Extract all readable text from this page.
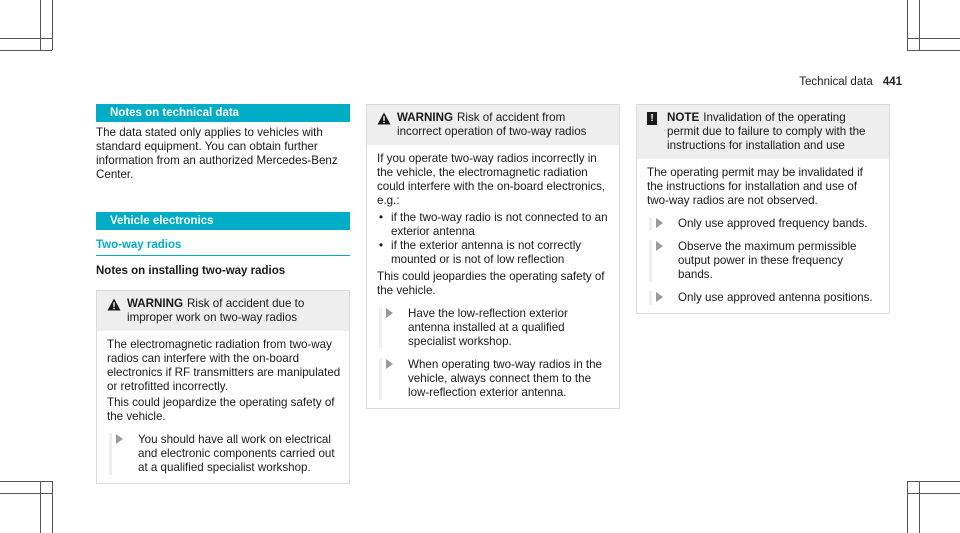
Technical data 441
Notes on technical data

The data stated only applies to vehicles with standard equipment. You can obtain further information from an authorized Mercedes-Benz Center.

Vehicle electronics
Two-way radios
Notes on installing two-way radios
WARNING Risk of accident due to improper work on two-way radios

The electromagnetic radiation from two-way radios can interfere with the on-board electronics if RF transmitters are manipulated or retrofitted incorrectly.

This could jeopardize the operating safety of the vehicle.

You should have all work on electrical and electronic components carried out at a qualified specialist workshop.
WARNING Risk of accident from incorrect operation of two-way radios

If you operate two-way radios incorrectly in the vehicle, the electromagnetic radiation could interfere with the on-board electronics, e.g.:

• if the two-way radio is not connected to an exterior antenna
• if the exterior antenna is not correctly mounted or is not of low reflection

This could jeopardies the operating safety of the vehicle.

Have the low-reflection exterior antenna installed at a qualified specialist workshop.
When operating two-way radios in the vehicle, always connect them to the low-reflection exterior antenna.
!	NOTE Invalidation of the operating permit due to failure to comply with the instructions for installation and use

The operating permit may be invalidated if the instructions for installation and use of two-way radios are not observed.

Only use approved frequency bands.
Observe the maximum permissible output power in these frequency bands.
Only use approved antenna positions.
